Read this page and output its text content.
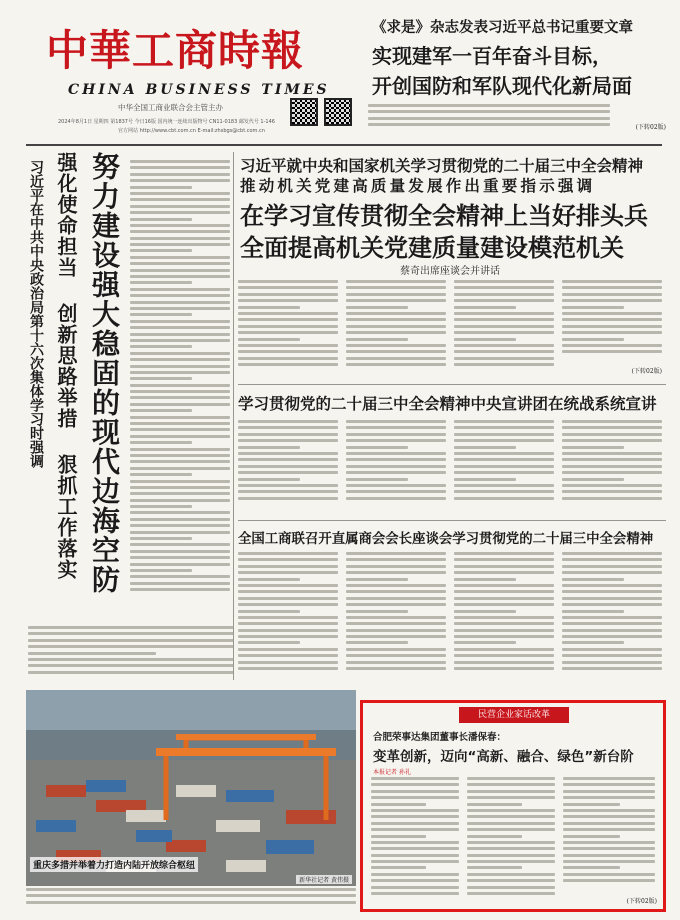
中華工商時報
CHINA BUSINESS TIMES
中华全国工商业联合会主管主办
2024年8月1日 星期四 第1837号 今日16版 国内统一连续出版物号 CN11-0183 邮发代号 1-146
官方网站 http://www.cbt.com.cn E-mail:zhsbgs@cbt.com.cn
《求是》杂志发表习近平总书记重要文章
实现建军一百年奋斗目标，
开创国防和军队现代化新局面
(下转02版)
习近平在中共中央政治局第十六次集体学习时强调 努力建设强大稳固的现代边海空防
强化使命担当 创新思路举措 狠抓工作落实	习近平就中央和国家机关学习贯彻党的二十届三中全会精神
推动机关党建高质量发展作出重要指示强调
在学习宣传贯彻全会精神上当好排头兵
全面提高机关党建质量建设模范机关
蔡奇出席座谈会并讲话
(下转02版)
学习贯彻党的二十届三中全会精神中央宣讲团在统战系统宣讲
全国工商联召开直属商会会长座谈会学习贯彻党的二十届三中全会精神
重庆多措并举着力打造内陆开放综合枢纽
新华社记者 黄伟摄
民营企业家话改革
合肥荣事达集团董事长潘保春：
变革创新，迈向“高新、融合、绿色”新台阶
本报记者 孙礼
(下转02版)
